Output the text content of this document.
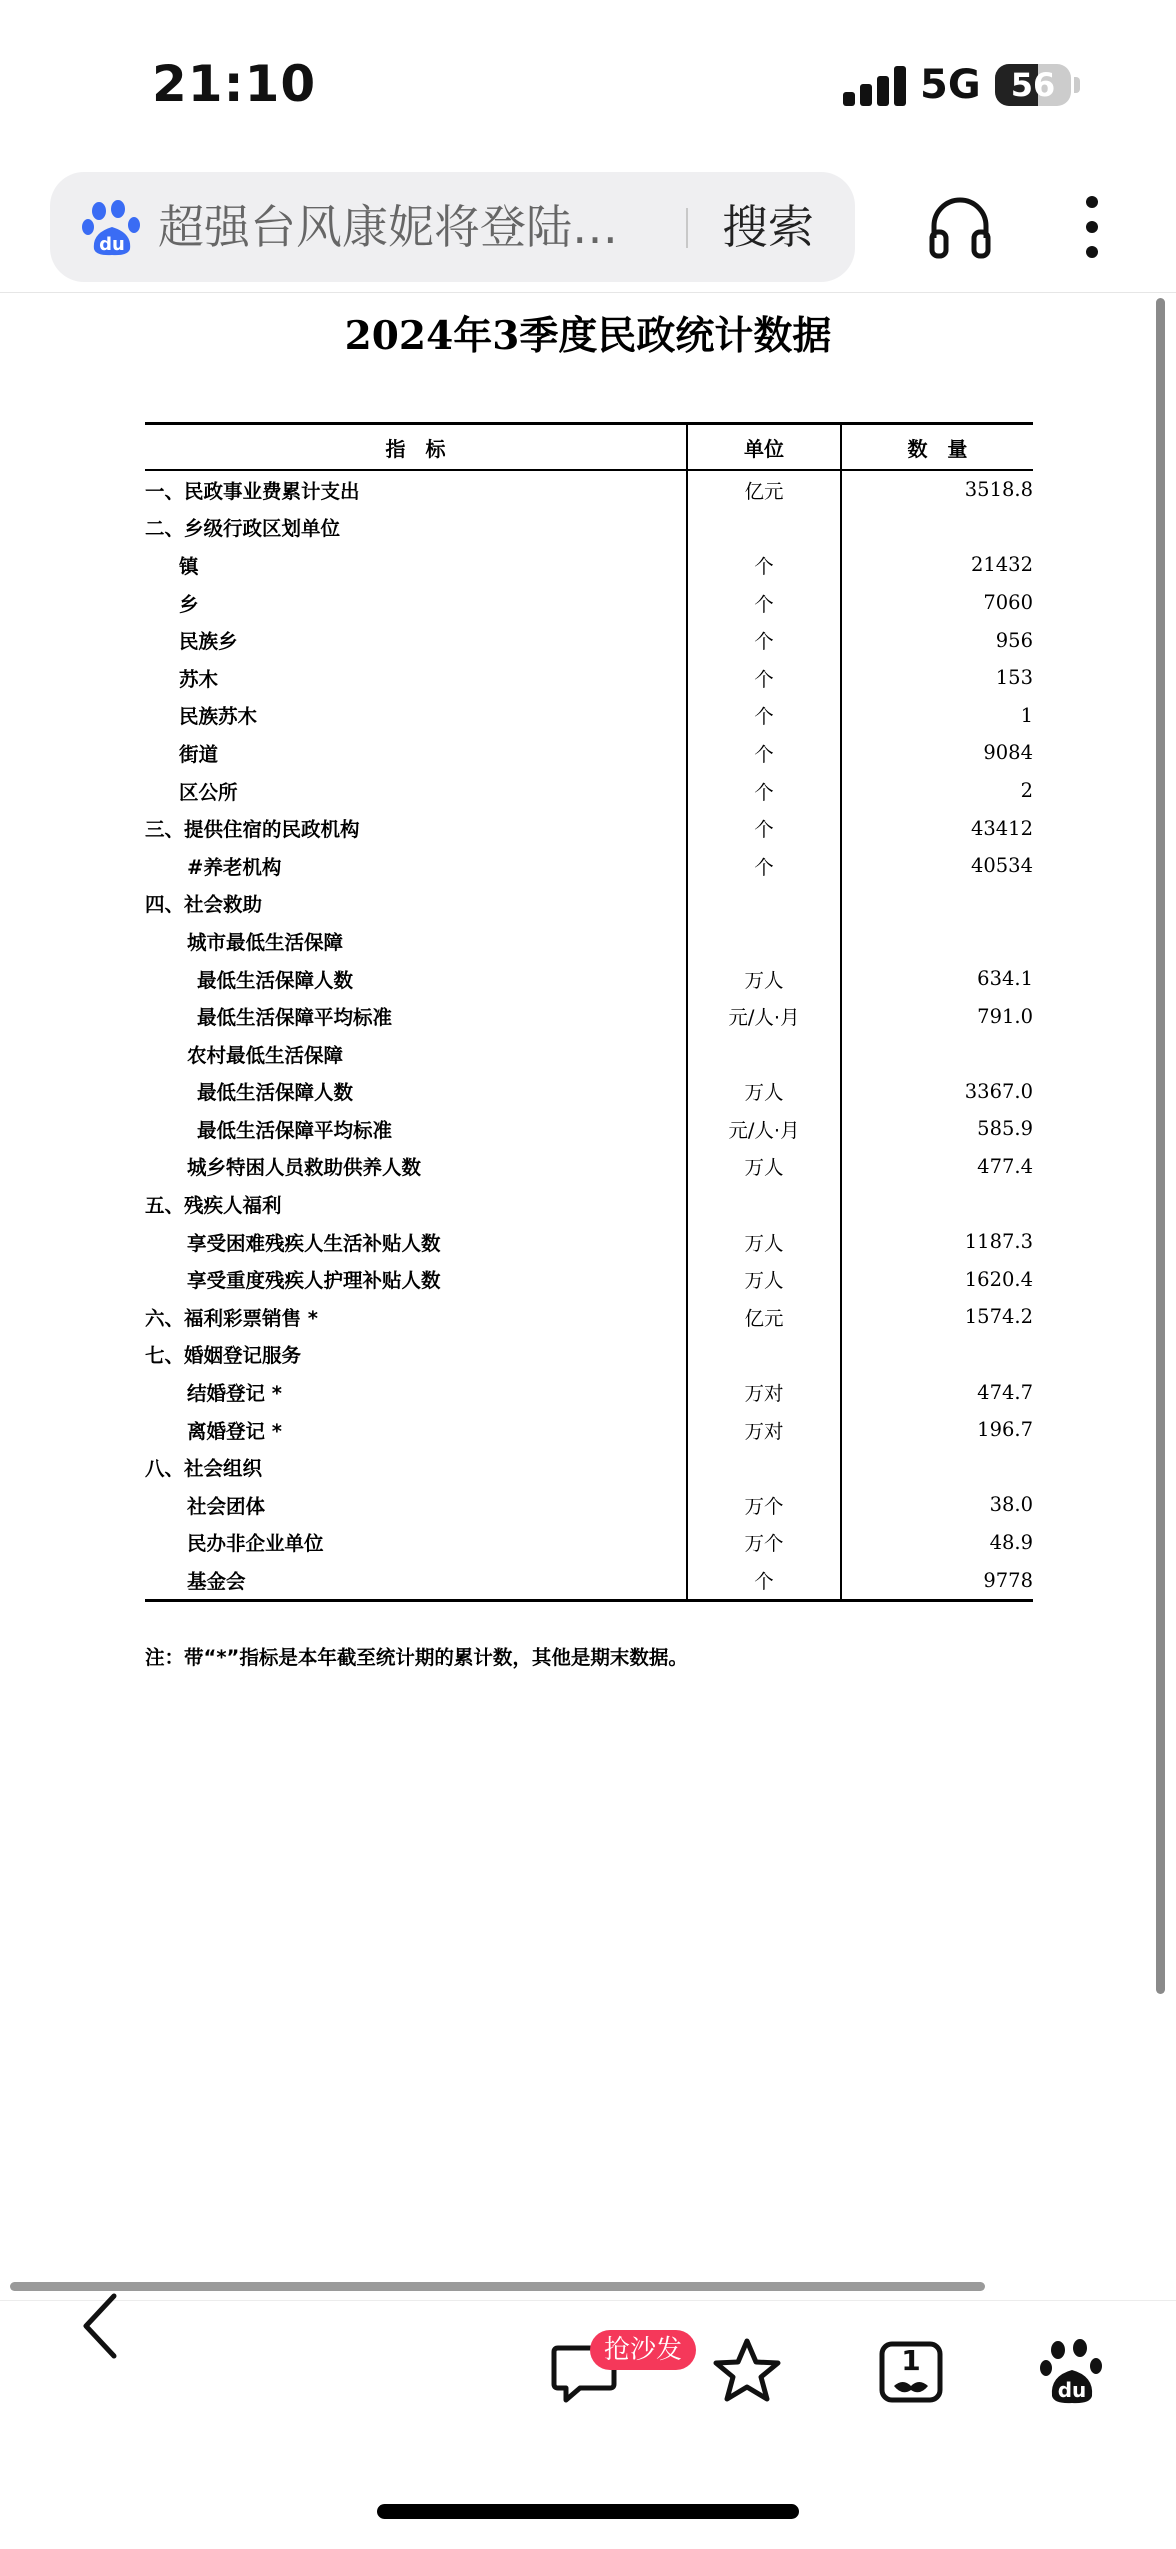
21:10	5G 56
du 超强台风康妮将登陆…	搜索
2024年3季度民政统计数据
指　标	单位	数　量
一、民政事业费累计支出	亿元	3518.8
二、乡级行政区划单位		
镇	个	21432
乡	个	7060
民族乡	个	956
苏木	个	153
民族苏木	个	1
街道	个	9084
区公所	个	2
三、提供住宿的民政机构	个	43412
#养老机构	个	40534
四、社会救助		
城市最低生活保障		
最低生活保障人数	万人	634.1
最低生活保障平均标准	元/人·月	791.0
农村最低生活保障		
最低生活保障人数	万人	3367.0
最低生活保障平均标准	元/人·月	585.9
城乡特困人员救助供养人数	万人	477.4
五、残疾人福利		
享受困难残疾人生活补贴人数	万人	1187.3
享受重度残疾人护理补贴人数	万人	1620.4
六、福利彩票销售 *	亿元	1574.2
七、婚姻登记服务		
结婚登记 *	万对	474.7
离婚登记 *	万对	196.7
八、社会组织		
社会团体	万个	38.0
民办非企业单位	万个	48.9
基金会	个	9778
注：带“*”指标是本年截至统计期的累计数，其他是期末数据。
抢沙发	1
du
